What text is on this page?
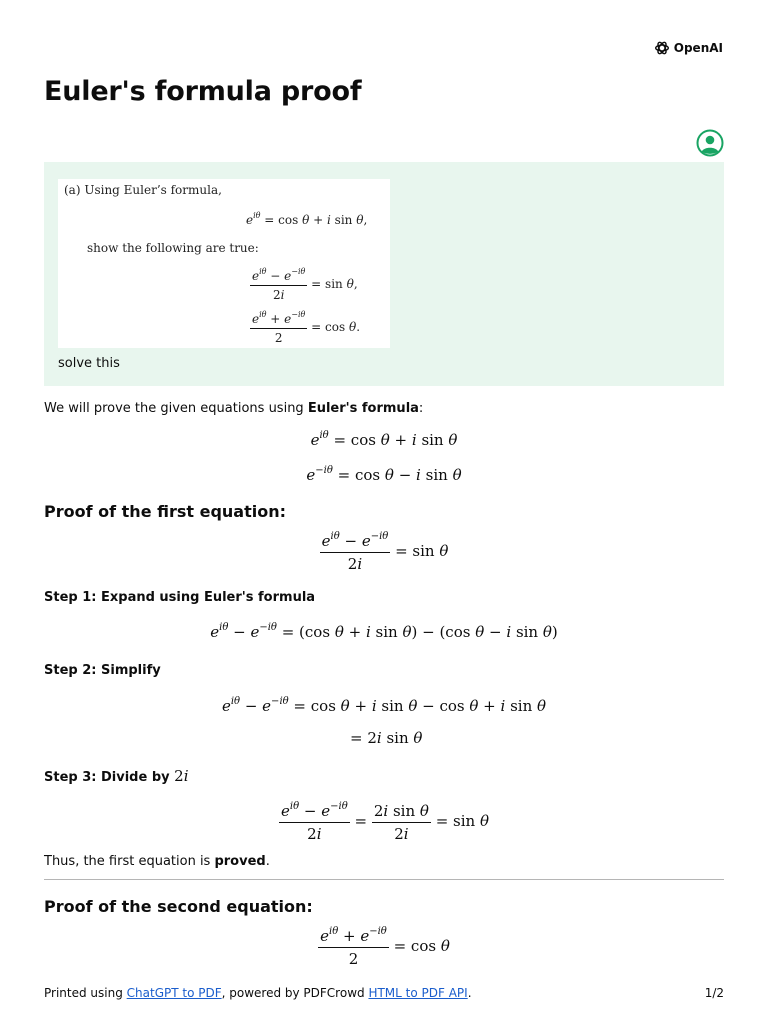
OpenAI
Euler's formula proof
(a) Using Euler’s formula,
$e^{i\theta} = \cos \theta + i$ sin θ,
show the following are true:
$\frac{e^{i\theta} - e^{-i\theta}}{2i} = \sin \theta$,
$\frac{e^{i\theta} + e^{-i\theta}}{2} = \cos \theta$.
solve this
We will prove the given equations using Euler's formula:
$e^{i\theta} = \cos \theta + i$ sin θ
$e^{-i\theta} = \cos \theta - i$ sin θ
Proof of the first equation:
$\frac{e^{i\theta} - e^{-i\theta}}{2i} = \sin \theta$
Step 1: Expand using Euler's formula
$e^{i\theta} - e^{-i\theta} = (\cos$ θ + i sin θ) − (cos θ − i sin θ)
Step 2: Simplify
$e^{i\theta} - e^{-i\theta} = \cos \theta + i$ sin θ − cos θ + i sin θ
= 2i sin θ
Step 3: Divide by 2i
$\frac{e^{i\theta} - e^{-i\theta}}{2i} = \frac{\text{2i sin θ}}{2i} = \sin \theta$
Thus, the first equation is proved.
Proof of the second equation:
$\frac{e^{i\theta} + e^{-i\theta}}{2} = \cos \theta$
Printed using ChatGPT to PDF, powered by PDFCrowd HTML to PDF API.	1/2
